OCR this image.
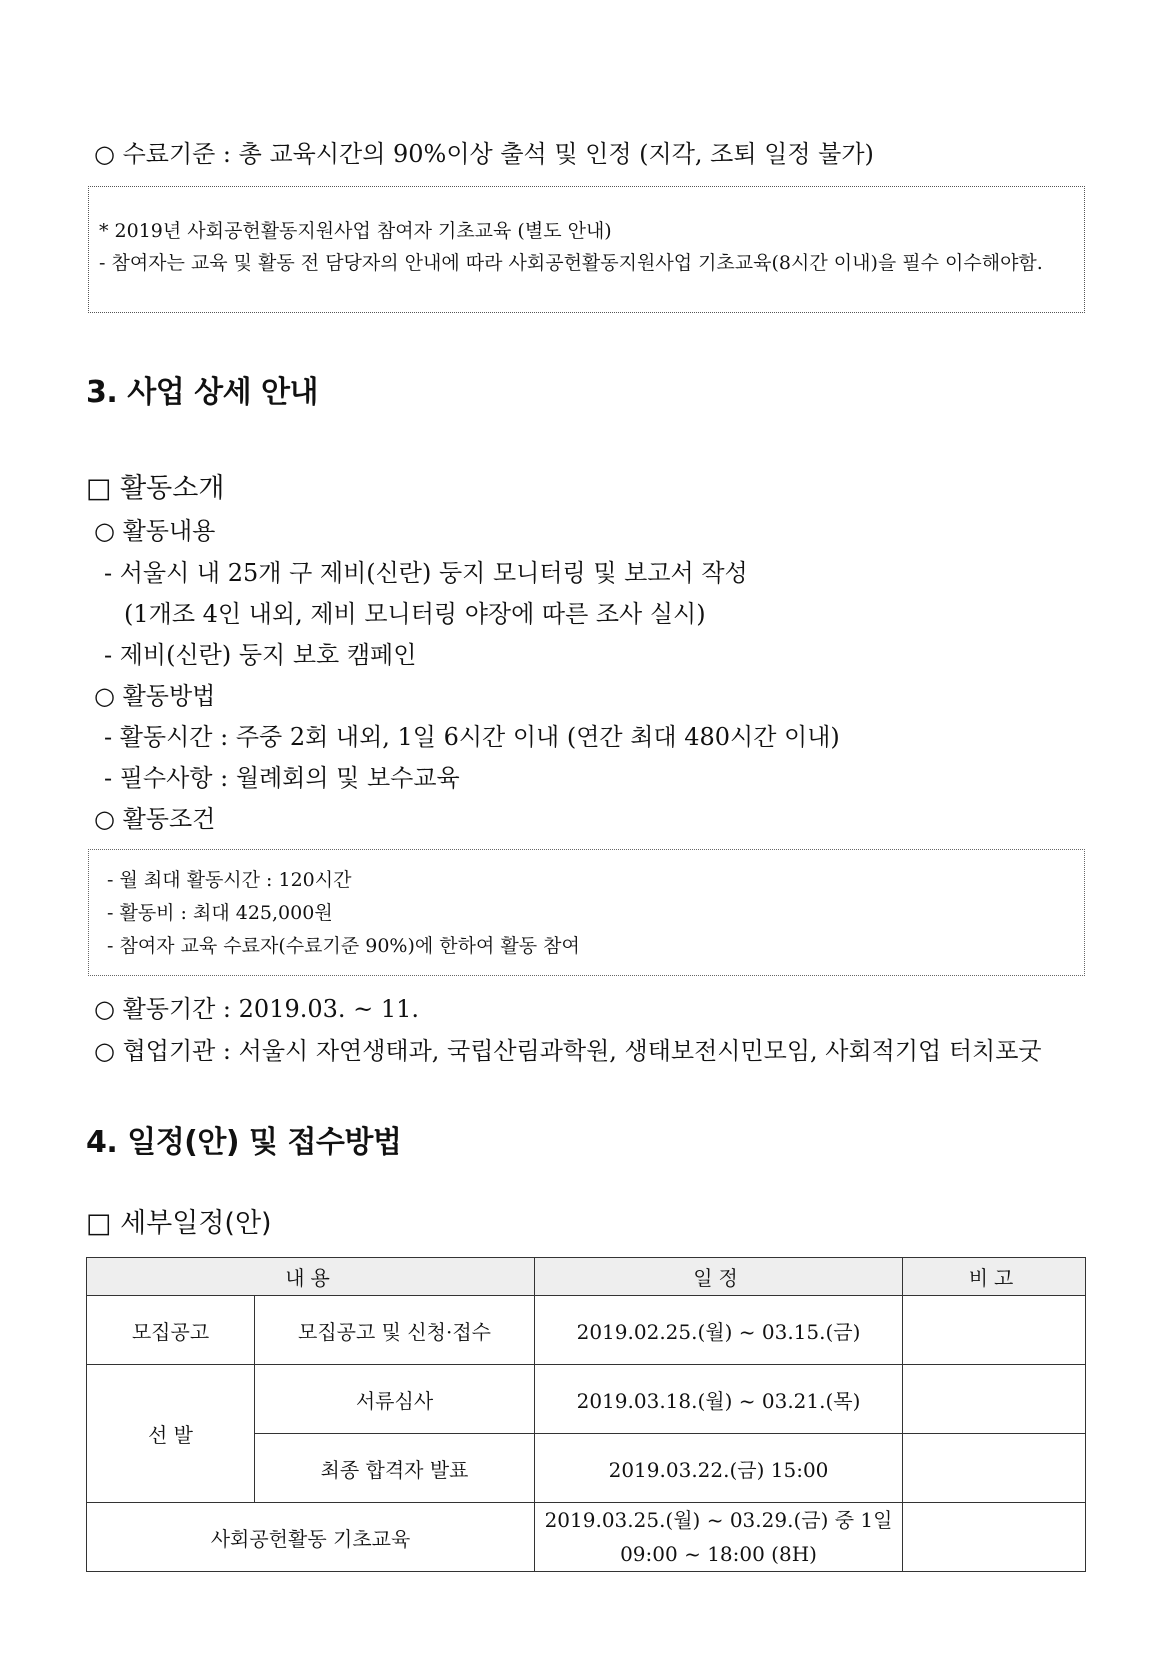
○ 수료기준 : 총 교육시간의 90%이상 출석 및 인정 (지각, 조퇴 일정 불가)
* 2019년 사회공헌활동지원사업 참여자 기초교육 (별도 안내)
- 참여자는 교육 및 활동 전 담당자의 안내에 따라 사회공헌활동지원사업 기초교육(8시간 이내)을 필수 이수해야함.
3. 사업 상세 안내
□ 활동소개
○ 활동내용
- 서울시 내 25개 구 제비(신란) 둥지 모니터링 및 보고서 작성
(1개조 4인 내외, 제비 모니터링 야장에 따른 조사 실시)
- 제비(신란) 둥지 보호 캠페인
○ 활동방법
- 활동시간 : 주중 2회 내외, 1일 6시간 이내 (연간 최대 480시간 이내)
- 필수사항 : 월례회의 및 보수교육
○ 활동조건
- 월 최대 활동시간 : 120시간
- 활동비 : 최대 425,000원
- 참여자 교육 수료자(수료기준 90%)에 한하여 활동 참여
○ 활동기간 : 2019.03. ~ 11.
○ 협업기관 : 서울시 자연생태과, 국립산림과학원, 생태보전시민모임, 사회적기업 터치포굿
4. 일정(안) 및 접수방법
□ 세부일정(안)
내용		일정	비고
모집공고	모집공고 및 신청·접수	2019.02.25.(월) ~ 03.15.(금)	
선 발	서류심사	2019.03.18.(월) ~ 03.21.(목)	
	최종 합격자 발표	2019.03.22.(금) 15:00	
사회공헌활동 기초교육		2019.03.25.(월) ~ 03.29.(금) 중 1일
09:00 ~ 18:00 (8H)	
